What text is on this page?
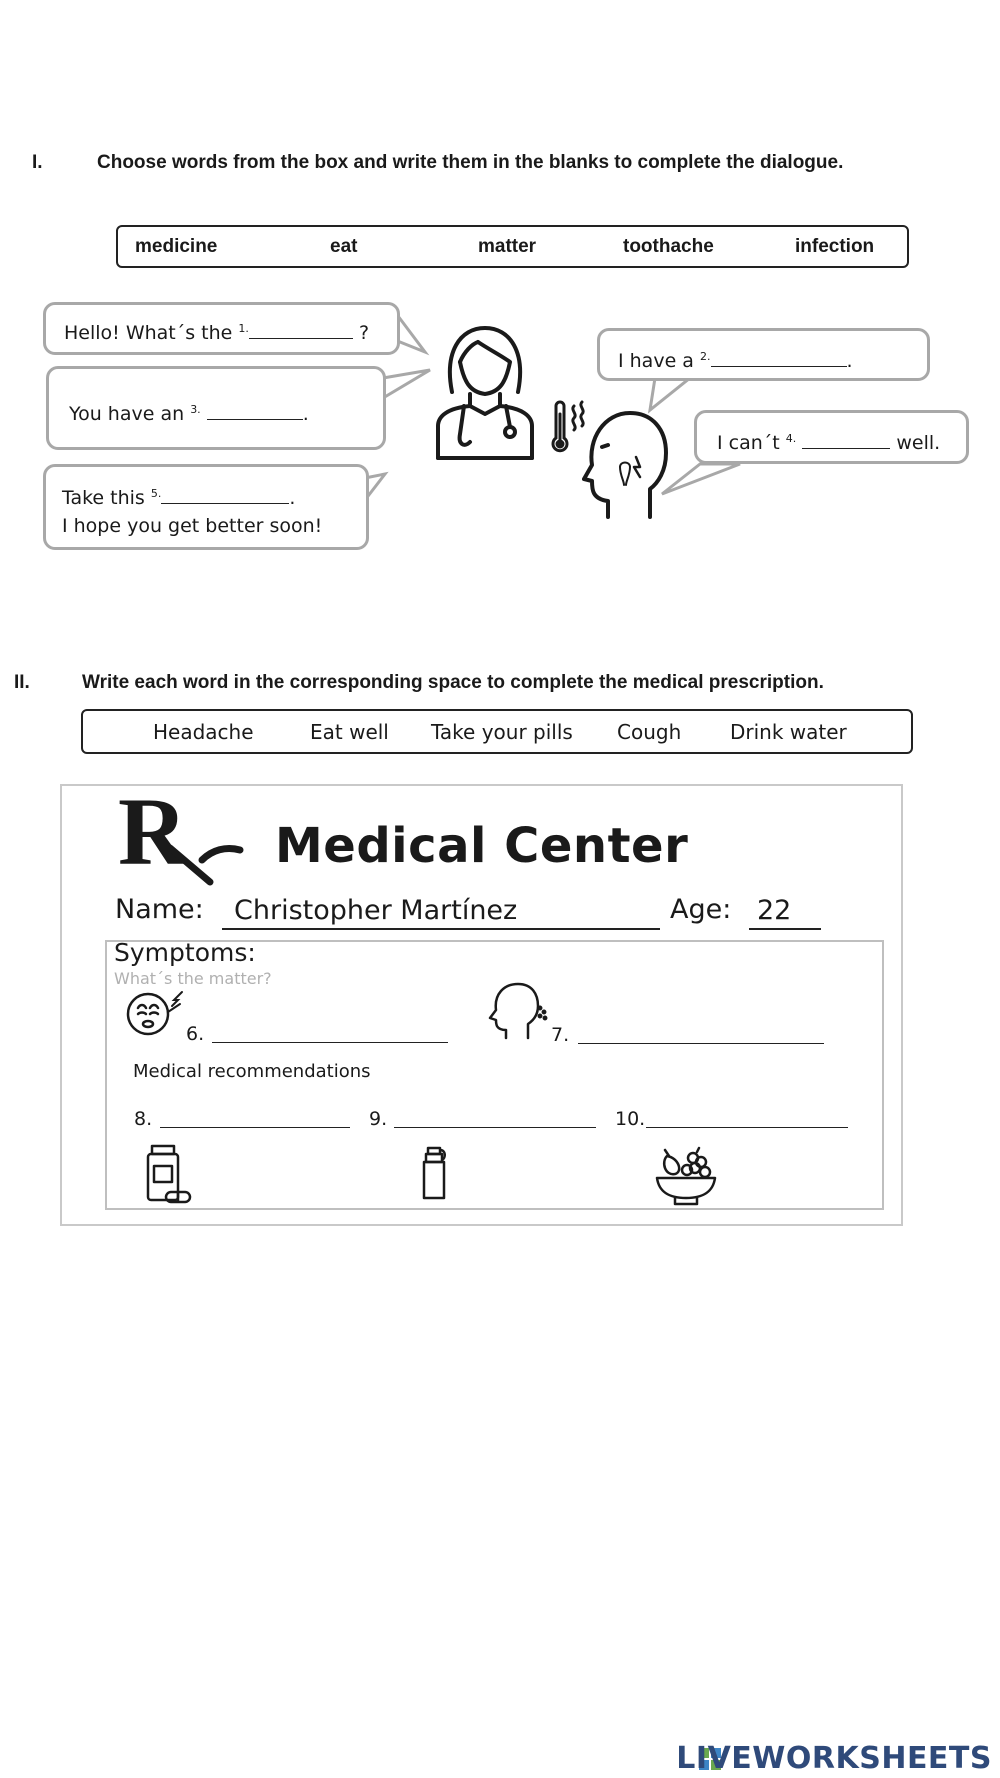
I.	Choose words from the box and write them in the blanks to complete the dialogue.
medicine	eat	matter	toothache	infection
Hello! What´s the $^{1.}$	?
You have an $^{3.}$	.
Take this $^{5.}$	.
I hope you get better soon!
I have a $^{2.}$	.
I can´t $^{4.}$	well.
II.	Write each word in the corresponding space to complete the medical prescription.
Headache	Eat well Take your pills Cough Drink water
R Medical Center
Name:	Christopher Martínez	Age: 22
Symptoms:
What´s the matter?
6.	7.
Medical recommendations
8.	9.	10.
LIVEWORKSHEETS
